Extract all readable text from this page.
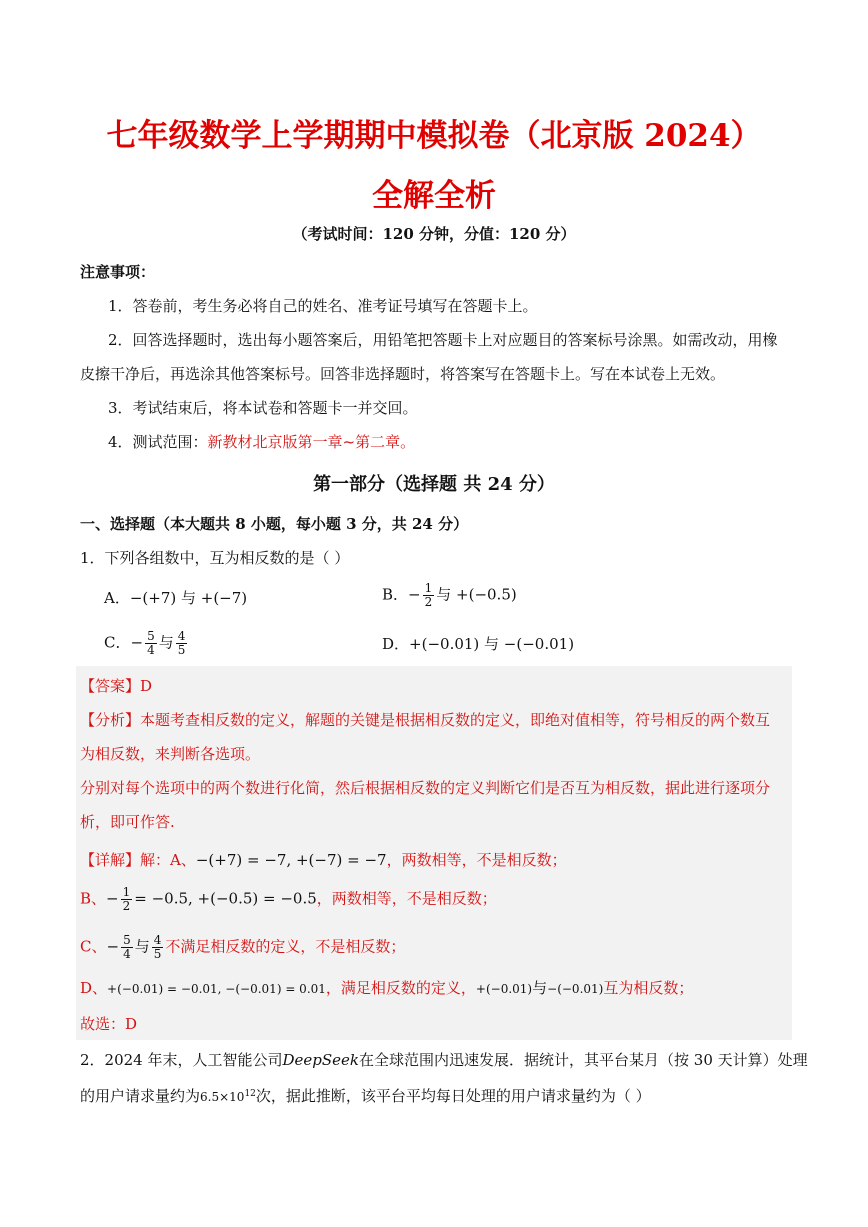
七年级数学上学期期中模拟卷（北京版 2024）
全解全析
（考试时间：120 分钟，分值：120 分）
注意事项：
1．答卷前，考生务必将自己的姓名、准考证号填写在答题卡上。
2．回答选择题时，选出每小题答案后，用铅笔把答题卡上对应题目的答案标号涂黑。如需改动，用橡
皮擦干净后，再选涂其他答案标号。回答非选择题时，将答案写在答题卡上。写在本试卷上无效。
3．考试结束后，将本试卷和答题卡一并交回。
4．测试范围：新教材北京版第一章~第二章。
第一部分（选择题 共 24 分）
一、选择题（本大题共 8 小题，每小题 3 分，共 24 分）
1．下列各组数中，互为相反数的是（ ）
A．−(+7) 与 +(−7)	B．− $\frac{1}{2}$ 与 +(−0.5)
C．− $\frac{5}{4}$ 与 $\frac{4}{5}$	D．+(−0.01) 与 −(−0.01)
【答案】D
【分析】本题考查相反数的定义，解题的关键是根据相反数的定义，即绝对值相等，符号相反的两个数互
为相反数，来判断各选项。
分别对每个选项中的两个数进行化简，然后根据相反数的定义判断它们是否互为相反数，据此进行逐项分
析，即可作答.
【详解】解：A、−(+7) = −7, +(−7) = −7，两数相等，不是相反数；
B、− $\frac{1}{2} = -0.5$, +(−0.5) = −0.5，两数相等，不是相反数；
C、− $\frac{5}{4}$ 与 $\frac{4}{5}$ 不满足相反数的定义，不是相反数；
D、+(−0.01) = −0.01, −(−0.01) = 0.01，满足相反数的定义，+(−0.01)与−(−0.01)互为相反数；
故选：D
2．2024 年末，人工智能公司DeepSeek在全球范围内迅速发展．据统计，其平台某月（按 30 天计算）处理
的用户请求量约为$6.5\times 10^{12}$次，据此推断，该平台平均每日处理的用户请求量约为（ ）
